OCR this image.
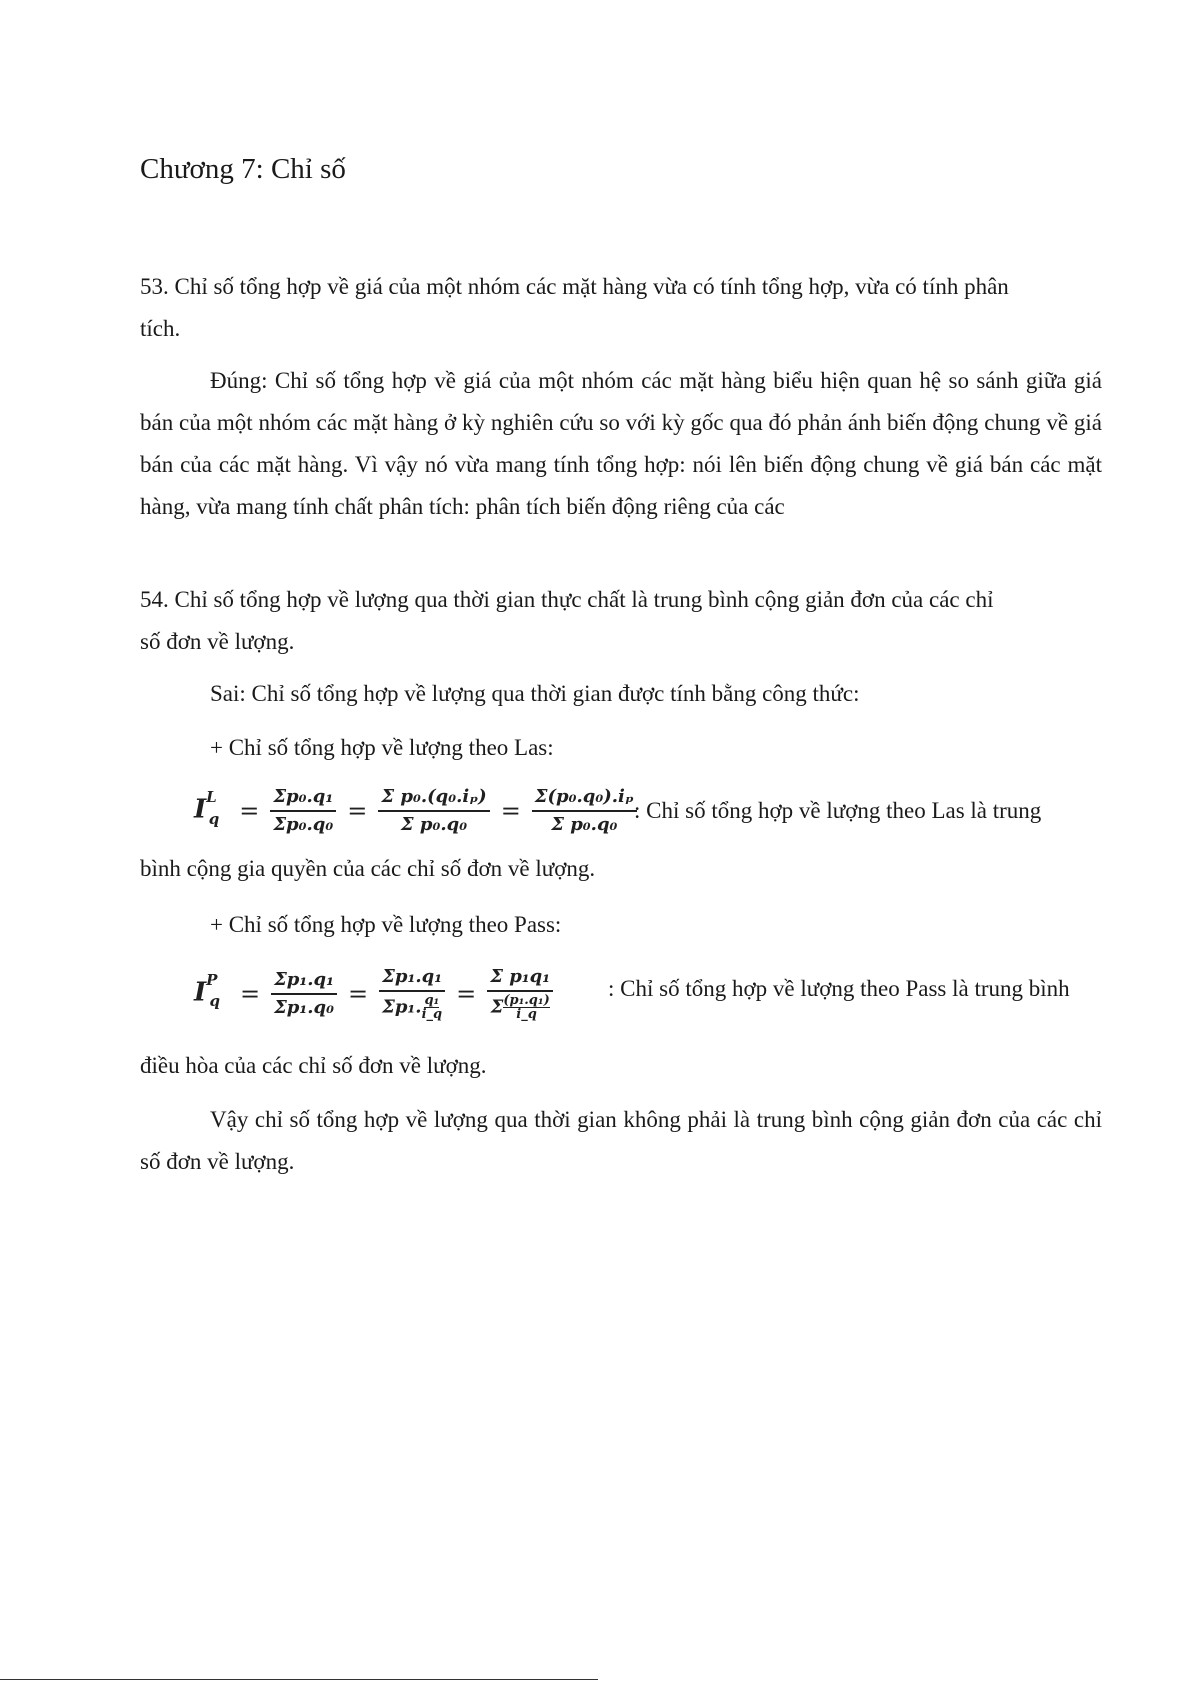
Chương 7: Chỉ số

53. Chỉ số tổng hợp về giá của một nhóm các mặt hàng vừa có tính tổng hợp, vừa có tính phân tích.

Đúng: Chỉ số tổng hợp về giá của một nhóm các mặt hàng biểu hiện quan hệ so sánh giữa giá bán của một nhóm các mặt hàng ở kỳ nghiên cứu so với kỳ gốc qua đó phản ánh biến động chung về giá bán của các mặt hàng. Vì vậy nó vừa mang tính tổng hợp: nói lên biến động chung về giá bán các mặt hàng, vừa mang tính chất phân tích: phân tích biến động riêng của các

54. Chỉ số tổng hợp về lượng qua thời gian thực chất là trung bình cộng giản đơn của các chỉ số đơn về lượng.

Sai: Chỉ số tổng hợp về lượng qua thời gian được tính bằng công thức:

+ Chỉ số tổng hợp về lượng theo Las:

$I^L_q = \frac{\text{Σp₀.q₁}}{\text{Σp₀.q₀}} = \frac{\text{Σ p₀.(q₀.iₚ)}}{\text{Σ p₀.q₀}} = \frac{\text{Σ(p₀.q₀).iₚ}}{\text{Σ p₀.q₀}}$
: Chỉ số tổng hợp về lượng theo Las là trung

bình cộng gia quyền của các chỉ số đơn về lượng.

+ Chỉ số tổng hợp về lượng theo Pass:

$I^P_q = \frac{\text{Σp₁.q₁}}{\text{Σp₁.q₀}} = \frac{\text{Σp₁.q₁}}{\Sigma p_1. \frac{\text{q₁}}{i\_q}} = \frac{\text{Σ p₁q₁}}{\Sigma \frac{\text{(p₁.q₁)}}{i\_q}}$ : Chỉ số tổng hợp về lượng theo Pass là trung bình

điều hòa của các chỉ số đơn về lượng.

Vậy chỉ số tổng hợp về lượng qua thời gian không phải là trung bình cộng giản đơn của các chỉ số đơn về lượng.
